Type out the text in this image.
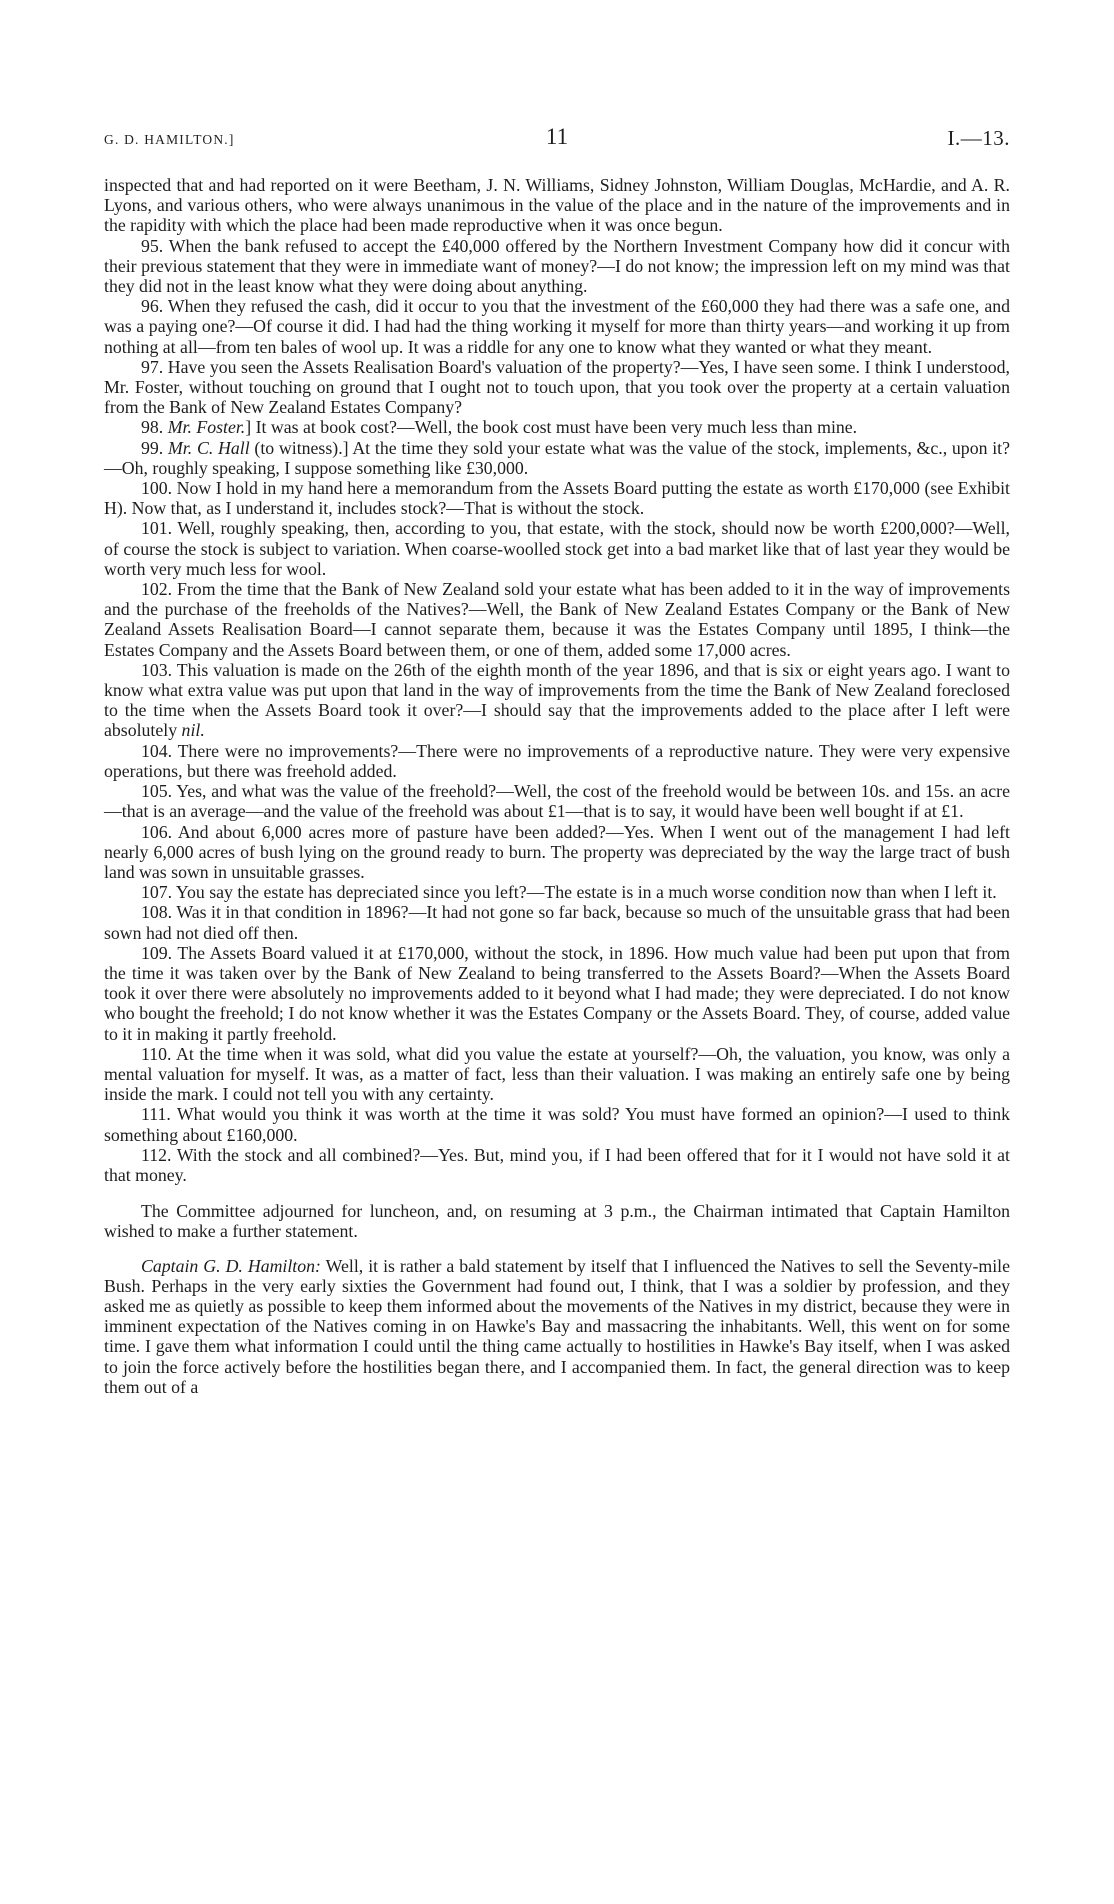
G. D. HAMILTON.]	11	I.—13.

inspected that and had reported on it were Beetham, J. N. Williams, Sidney Johnston, William Douglas, McHardie, and A. R. Lyons, and various others, who were always unanimous in the value of the place and in the nature of the improvements and in the rapidity with which the place had been made reproductive when it was once begun.

95. When the bank refused to accept the £40,000 offered by the Northern Investment Company how did it concur with their previous statement that they were in immediate want of money?—I do not know; the impression left on my mind was that they did not in the least know what they were doing about anything.

96. When they refused the cash, did it occur to you that the investment of the £60,000 they had there was a safe one, and was a paying one?—Of course it did. I had had the thing working it myself for more than thirty years—and working it up from nothing at all—from ten bales of wool up. It was a riddle for any one to know what they wanted or what they meant.

97. Have you seen the Assets Realisation Board's valuation of the property?—Yes, I have seen some. I think I understood, Mr. Foster, without touching on ground that I ought not to touch upon, that you took over the property at a certain valuation from the Bank of New Zealand Estates Company?

98. Mr. Foster.] It was at book cost?—Well, the book cost must have been very much less than mine.

99. Mr. C. Hall (to witness).] At the time they sold your estate what was the value of the stock, implements, &c., upon it?—Oh, roughly speaking, I suppose something like £30,000.

100. Now I hold in my hand here a memorandum from the Assets Board putting the estate as worth £170,000 (see Exhibit H). Now that, as I understand it, includes stock?—That is without the stock.

101. Well, roughly speaking, then, according to you, that estate, with the stock, should now be worth £200,000?—Well, of course the stock is subject to variation. When coarse-woolled stock get into a bad market like that of last year they would be worth very much less for wool.

102. From the time that the Bank of New Zealand sold your estate what has been added to it in the way of improvements and the purchase of the freeholds of the Natives?—Well, the Bank of New Zealand Estates Company or the Bank of New Zealand Assets Realisation Board—I cannot separate them, because it was the Estates Company until 1895, I think—the Estates Company and the Assets Board between them, or one of them, added some 17,000 acres.

103. This valuation is made on the 26th of the eighth month of the year 1896, and that is six or eight years ago. I want to know what extra value was put upon that land in the way of improvements from the time the Bank of New Zealand foreclosed to the time when the Assets Board took it over?—I should say that the improvements added to the place after I left were absolutely nil.

104. There were no improvements?—There were no improvements of a reproductive nature. They were very expensive operations, but there was freehold added.

105. Yes, and what was the value of the freehold?—Well, the cost of the freehold would be between 10s. and 15s. an acre—that is an average—and the value of the freehold was about £1—that is to say, it would have been well bought if at £1.

106. And about 6,000 acres more of pasture have been added?—Yes. When I went out of the management I had left nearly 6,000 acres of bush lying on the ground ready to burn. The property was depreciated by the way the large tract of bush land was sown in unsuitable grasses.

107. You say the estate has depreciated since you left?—The estate is in a much worse condition now than when I left it.

108. Was it in that condition in 1896?—It had not gone so far back, because so much of the unsuitable grass that had been sown had not died off then.

109. The Assets Board valued it at £170,000, without the stock, in 1896. How much value had been put upon that from the time it was taken over by the Bank of New Zealand to being transferred to the Assets Board?—When the Assets Board took it over there were absolutely no improvements added to it beyond what I had made; they were depreciated. I do not know who bought the freehold; I do not know whether it was the Estates Company or the Assets Board. They, of course, added value to it in making it partly freehold.

110. At the time when it was sold, what did you value the estate at yourself?—Oh, the valuation, you know, was only a mental valuation for myself. It was, as a matter of fact, less than their valuation. I was making an entirely safe one by being inside the mark. I could not tell you with any certainty.

111. What would you think it was worth at the time it was sold? You must have formed an opinion?—I used to think something about £160,000.

112. With the stock and all combined?—Yes. But, mind you, if I had been offered that for it I would not have sold it at that money.

The Committee adjourned for luncheon, and, on resuming at 3 p.m., the Chairman intimated that Captain Hamilton wished to make a further statement.

Captain G. D. Hamilton: Well, it is rather a bald statement by itself that I influenced the Natives to sell the Seventy-mile Bush. Perhaps in the very early sixties the Government had found out, I think, that I was a soldier by profession, and they asked me as quietly as possible to keep them informed about the movements of the Natives in my district, because they were in imminent expectation of the Natives coming in on Hawke's Bay and massacring the inhabitants. Well, this went on for some time. I gave them what information I could until the thing came actually to hostilities in Hawke's Bay itself, when I was asked to join the force actively before the hostilities began there, and I accompanied them. In fact, the general direction was to keep them out of a
